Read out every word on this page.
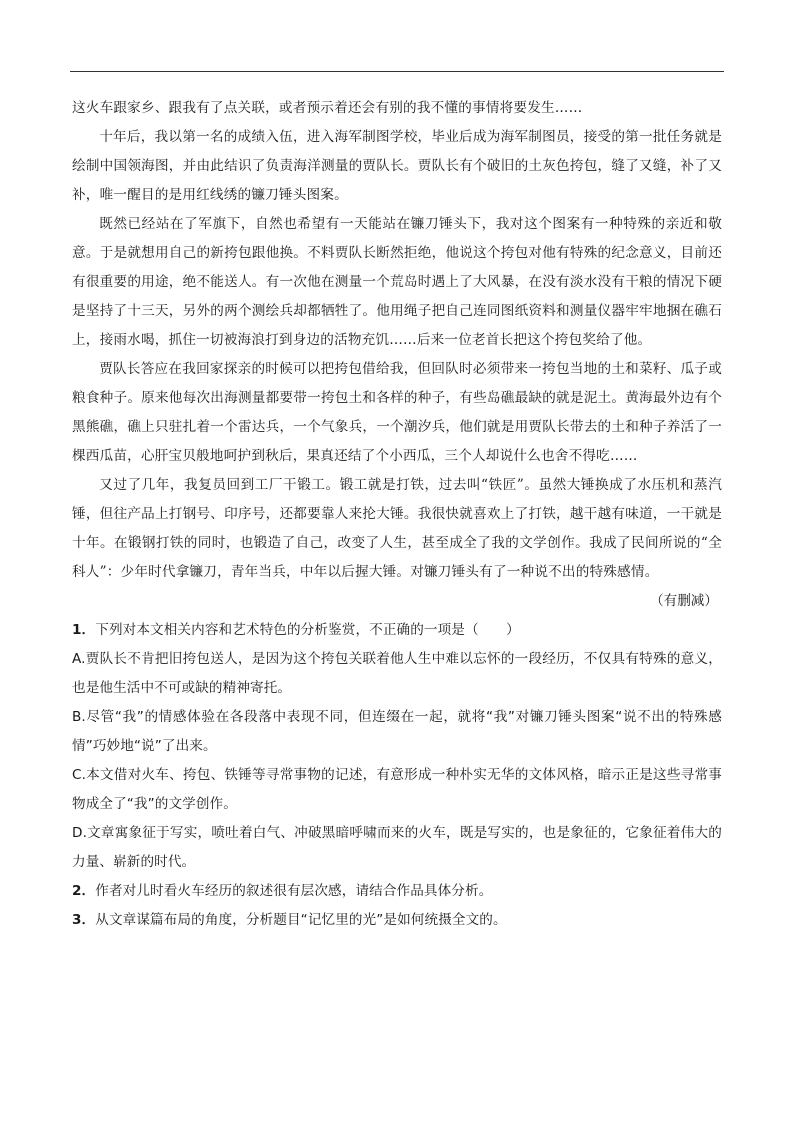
这火车跟家乡、跟我有了点关联，或者预示着还会有别的我不懂的事情将要发生……

十年后，我以第一名的成绩入伍，进入海军制图学校，毕业后成为海军制图员，接受的第一批任务就是绘制中国领海图，并由此结识了负责海洋测量的贾队长。贾队长有个破旧的土灰色挎包，缝了又缝，补了又补，唯一醒目的是用红线绣的镰刀锤头图案。

既然已经站在了军旗下，自然也希望有一天能站在镰刀锤头下，我对这个图案有一种特殊的亲近和敬意。于是就想用自己的新挎包跟他换。不料贾队长断然拒绝，他说这个挎包对他有特殊的纪念意义，目前还有很重要的用途，绝不能送人。有一次他在测量一个荒岛时遇上了大风暴，在没有淡水没有干粮的情况下硬是坚持了十三天，另外的两个测绘兵却都牺牲了。他用绳子把自己连同图纸资料和测量仪器牢牢地捆在礁石上，接雨水喝，抓住一切被海浪打到身边的活物充饥……后来一位老首长把这个挎包奖给了他。

贾队长答应在我回家探亲的时候可以把挎包借给我，但回队时必须带来一挎包当地的土和菜籽、瓜子或粮食种子。原来他每次出海测量都要带一挎包土和各样的种子，有些岛礁最缺的就是泥土。黄海最外边有个黑熊礁，礁上只驻扎着一个雷达兵，一个气象兵，一个潮汐兵，他们就是用贾队长带去的土和种子养活了一棵西瓜苗，心肝宝贝般地呵护到秋后，果真还结了个小西瓜，三个人却说什么也舍不得吃……

又过了几年，我复员回到工厂干锻工。锻工就是打铁，过去叫“铁匠”。虽然大锤换成了水压机和蒸汽锤，但往产品上打钢号、印序号，还都要靠人来抡大锤。我很快就喜欢上了打铁，越干越有味道，一干就是十年。在锻钢打铁的同时，也锻造了自己，改变了人生，甚至成全了我的文学创作。我成了民间所说的“全科人”：少年时代拿镰刀，青年当兵，中年以后握大锤。对镰刀锤头有了一种说不出的特殊感情。

（有删减）

1．下列对本文相关内容和艺术特色的分析鉴赏，不正确的一项是（　　）

A.贾队长不肯把旧挎包送人，是因为这个挎包关联着他人生中难以忘怀的一段经历，不仅具有特殊的意义，也是他生活中不可或缺的精神寄托。

B.尽管“我”的情感体验在各段落中表现不同，但连缀在一起，就将“我”对镰刀锤头图案“说不出的特殊感情”巧妙地“说”了出来。

C.本文借对火车、挎包、铁锤等寻常事物的记述，有意形成一种朴实无华的文体风格，暗示正是这些寻常事物成全了“我”的文学创作。

D.文章寓象征于写实，喷吐着白气、冲破黑暗呼啸而来的火车，既是写实的，也是象征的，它象征着伟大的力量、崭新的时代。

2．作者对儿时看火车经历的叙述很有层次感，请结合作品具体分析。

3．从文章谋篇布局的角度，分析题目“记忆里的光”是如何统摄全文的。
